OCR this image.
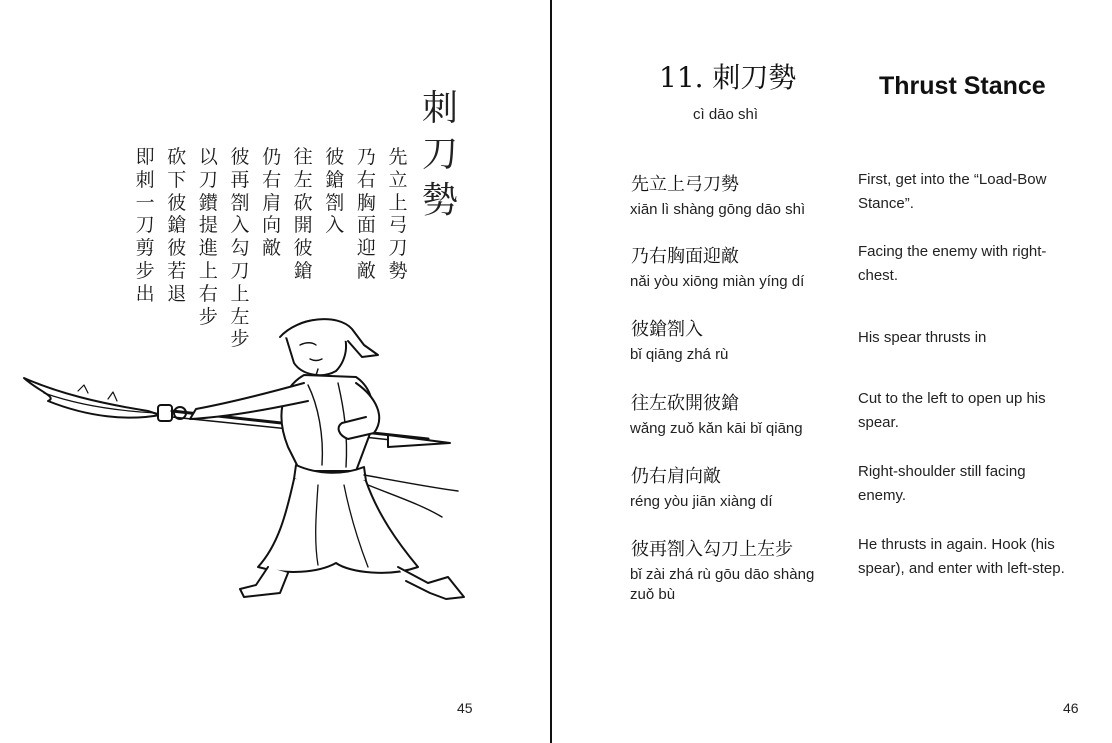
刺
刀
勢
先
立
上
弓
刀
勢
乃
右
胸
面
迎
敵
彼
鎗
劄
入
往
左
砍
開
彼
鎗
仍
右
肩
向
敵
彼
再
劄
入
勾
刀
上
左
步
以
刀
鑚
提
進
上
右
步
砍
下
彼
鎗
彼
若
退
即
刺
一
刀
剪
步
出
45
11. 刺刀勢
cì dāo shì
Thrust Stance
先立上弓刀勢
xiān lì shàng gōng dāo shì
First, get into the “Load-Bow Stance”.
乃右胸面迎敵
nǎi yòu xiōng miàn yíng dí
Facing the enemy with right-chest.
彼鎗劄入
bǐ qiāng zhá rù
His spear thrusts in
往左砍開彼鎗
wǎng zuǒ kǎn kāi bǐ qiāng
Cut to the left to open up his spear.
仍右肩向敵
réng yòu jiān xiàng dí
Right-shoulder still facing enemy.
彼再劄入勾刀上左步
bǐ zài zhá rù gōu dāo shàng zuǒ bù
He thrusts in again. Hook (his spear), and enter with left-step.
46
